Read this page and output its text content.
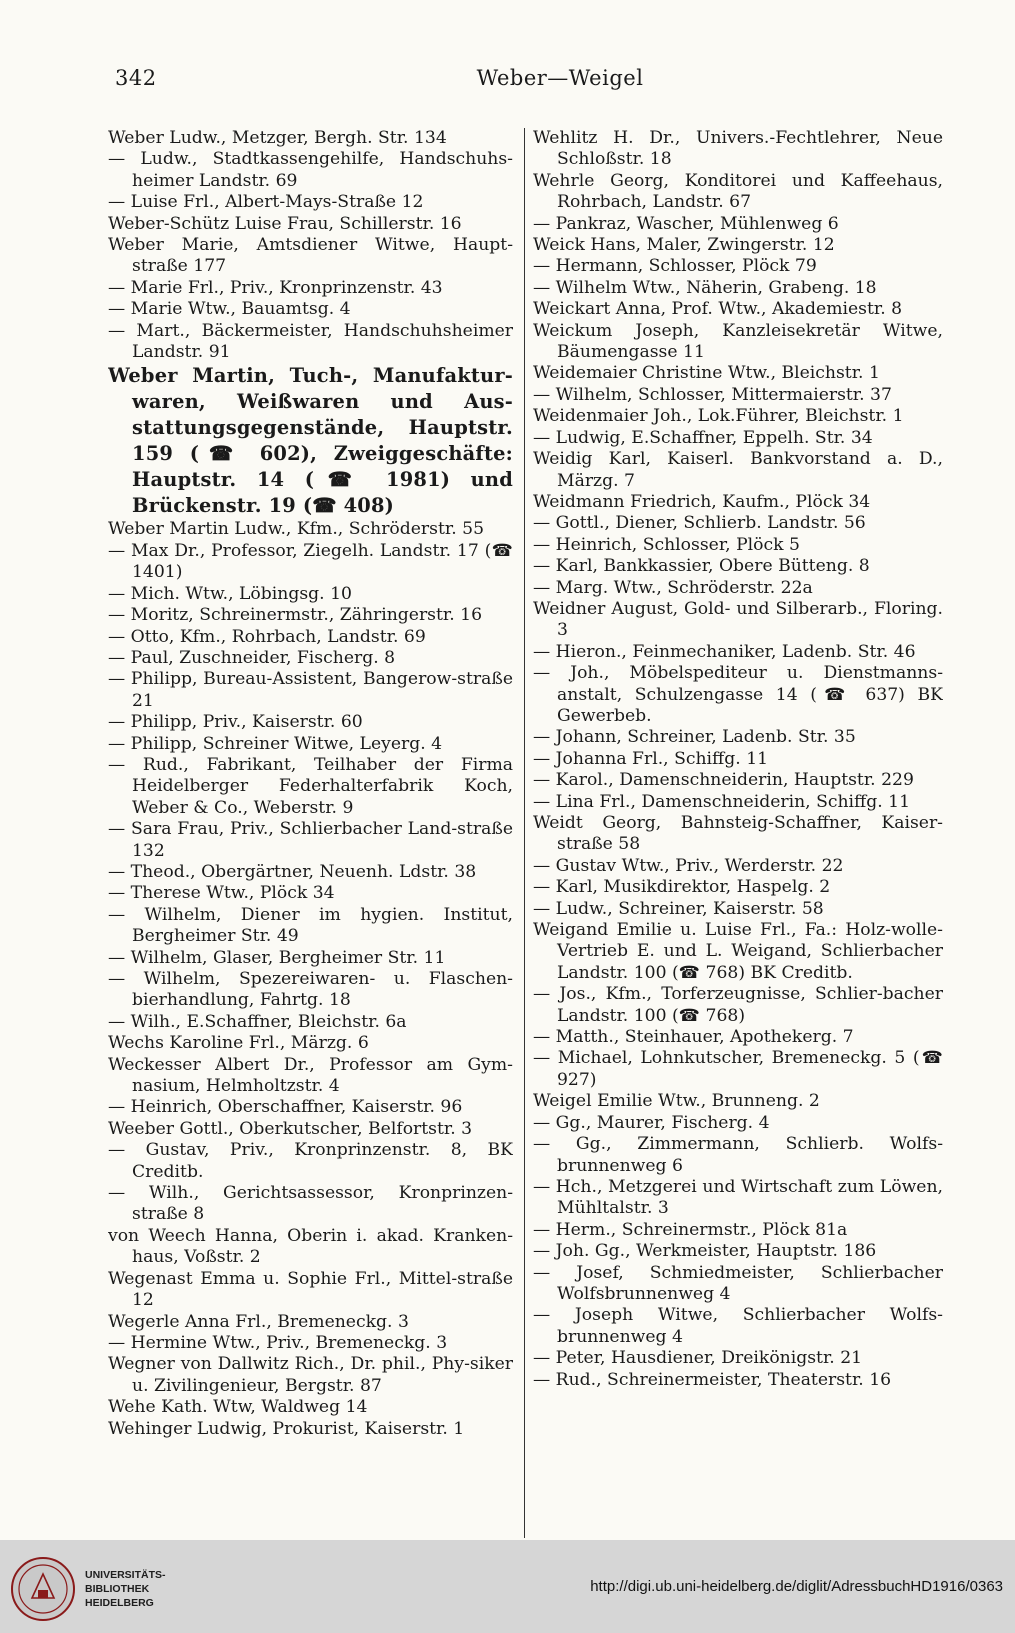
342	Weber—Weigel
Weber Ludw., Metzger, Bergh. Str. 134
— Ludw., Stadtkassengehilfe, Handschuhs-heimer Landstr. 69
— Luise Frl., Albert-Mays-Straße 12
Weber-Schütz Luise Frau, Schillerstr. 16
Weber Marie, Amtsdiener Witwe, Haupt-straße 177
— Marie Frl., Priv., Kronprinzenstr. 43
— Marie Wtw., Bauamtsg. 4
— Mart., Bäckermeister, Handschuhsheimer Landstr. 91
Weber Martin, Tuch-, Manufaktur-waren, Weißwaren und Aus-stattungsgegenstände, Hauptstr. 159 (☎ 602), Zweiggeschäfte: Hauptstr. 14 (☎ 1981) und Brückenstr. 19 (☎ 408)
Weber Martin Ludw., Kfm., Schröderstr. 55
— Max Dr., Professor, Ziegelh. Landstr. 17 (☎ 1401)
— Mich. Wtw., Löbingsg. 10
— Moritz, Schreinermstr., Zähringerstr. 16
— Otto, Kfm., Rohrbach, Landstr. 69
— Paul, Zuschneider, Fischerg. 8
— Philipp, Bureau-Assistent, Bangerow-straße 21
— Philipp, Priv., Kaiserstr. 60
— Philipp, Schreiner Witwe, Leyerg. 4
— Rud., Fabrikant, Teilhaber der Firma Heidelberger Federhalterfabrik Koch, Weber & Co., Weberstr. 9
— Sara Frau, Priv., Schlierbacher Land-straße 132
— Theod., Obergärtner, Neuenh. Ldstr. 38
— Therese Wtw., Plöck 34
— Wilhelm, Diener im hygien. Institut, Bergheimer Str. 49
— Wilhelm, Glaser, Bergheimer Str. 11
— Wilhelm, Spezereiwaren- u. Flaschen-bierhandlung, Fahrtg. 18
— Wilh., E.Schaffner, Bleichstr. 6a
Wechs Karoline Frl., Märzg. 6
Weckesser Albert Dr., Professor am Gym-nasium, Helmholtzstr. 4
— Heinrich, Oberschaffner, Kaiserstr. 96
Weeber Gottl., Oberkutscher, Belfortstr. 3
— Gustav, Priv., Kronprinzenstr. 8, BK Creditb.
— Wilh., Gerichtsassessor, Kronprinzen-straße 8
von Weech Hanna, Oberin i. akad. Kranken-haus, Voßstr. 2
Wegenast Emma u. Sophie Frl., Mittel-straße 12
Wegerle Anna Frl., Bremeneckg. 3
— Hermine Wtw., Priv., Bremeneckg. 3
Wegner von Dallwitz Rich., Dr. phil., Phy-siker u. Zivilingenieur, Bergstr. 87
Wehe Kath. Wtw, Waldweg 14
Wehinger Ludwig, Prokurist, Kaiserstr. 1
Wehlitz H. Dr., Univers.-Fechtlehrer, Neue Schloßstr. 18
Wehrle Georg, Konditorei und Kaffeehaus, Rohrbach, Landstr. 67
— Pankraz, Wascher, Mühlenweg 6
Weick Hans, Maler, Zwingerstr. 12
— Hermann, Schlosser, Plöck 79
— Wilhelm Wtw., Näherin, Grabeng. 18
Weickart Anna, Prof. Wtw., Akademiestr. 8
Weickum Joseph, Kanzleisekretär Witwe, Bäumengasse 11
Weidemaier Christine Wtw., Bleichstr. 1
— Wilhelm, Schlosser, Mittermaierstr. 37
Weidenmaier Joh., Lok.Führer, Bleichstr. 1
— Ludwig, E.Schaffner, Eppelh. Str. 34
Weidig Karl, Kaiserl. Bankvorstand a. D., Märzg. 7
Weidmann Friedrich, Kaufm., Plöck 34
— Gottl., Diener, Schlierb. Landstr. 56
— Heinrich, Schlosser, Plöck 5
— Karl, Bankkassier, Obere Bütteng. 8
— Marg. Wtw., Schröderstr. 22a
Weidner August, Gold- und Silberarb., Floring. 3
— Hieron., Feinmechaniker, Ladenb. Str. 46
— Joh., Möbelspediteur u. Dienstmanns-anstalt, Schulzengasse 14 (☎ 637) BK Gewerbeb.
— Johann, Schreiner, Ladenb. Str. 35
— Johanna Frl., Schiffg. 11
— Karol., Damenschneiderin, Hauptstr. 229
— Lina Frl., Damenschneiderin, Schiffg. 11
Weidt Georg, Bahnsteig-Schaffner, Kaiser-straße 58
— Gustav Wtw., Priv., Werderstr. 22
— Karl, Musikdirektor, Haspelg. 2
— Ludw., Schreiner, Kaiserstr. 58
Weigand Emilie u. Luise Frl., Fa.: Holz-wolle-Vertrieb E. und L. Weigand, Schlierbacher Landstr. 100 (☎ 768) BK Creditb.
— Jos., Kfm., Torferzeugnisse, Schlier-bacher Landstr. 100 (☎ 768)
— Matth., Steinhauer, Apothekerg. 7
— Michael, Lohnkutscher, Bremeneckg. 5 (☎ 927)
Weigel Emilie Wtw., Brunneng. 2
— Gg., Maurer, Fischerg. 4
— Gg., Zimmermann, Schlierb. Wolfs-brunnenweg 6
— Hch., Metzgerei und Wirtschaft zum Löwen, Mühltalstr. 3
— Herm., Schreinermstr., Plöck 81a
— Joh. Gg., Werkmeister, Hauptstr. 186
— Josef, Schmiedmeister, Schlierbacher Wolfsbrunnenweg 4
— Joseph Witwe, Schlierbacher Wolfs-brunnenweg 4
— Peter, Hausdiener, Dreikönigstr. 21
— Rud., Schreinermeister, Theaterstr. 16
UNIVERSITÄTS-
BIBLIOTHEK
HEIDELBERG
http://digi.ub.uni-heidelberg.de/diglit/AdressbuchHD1916/0363
